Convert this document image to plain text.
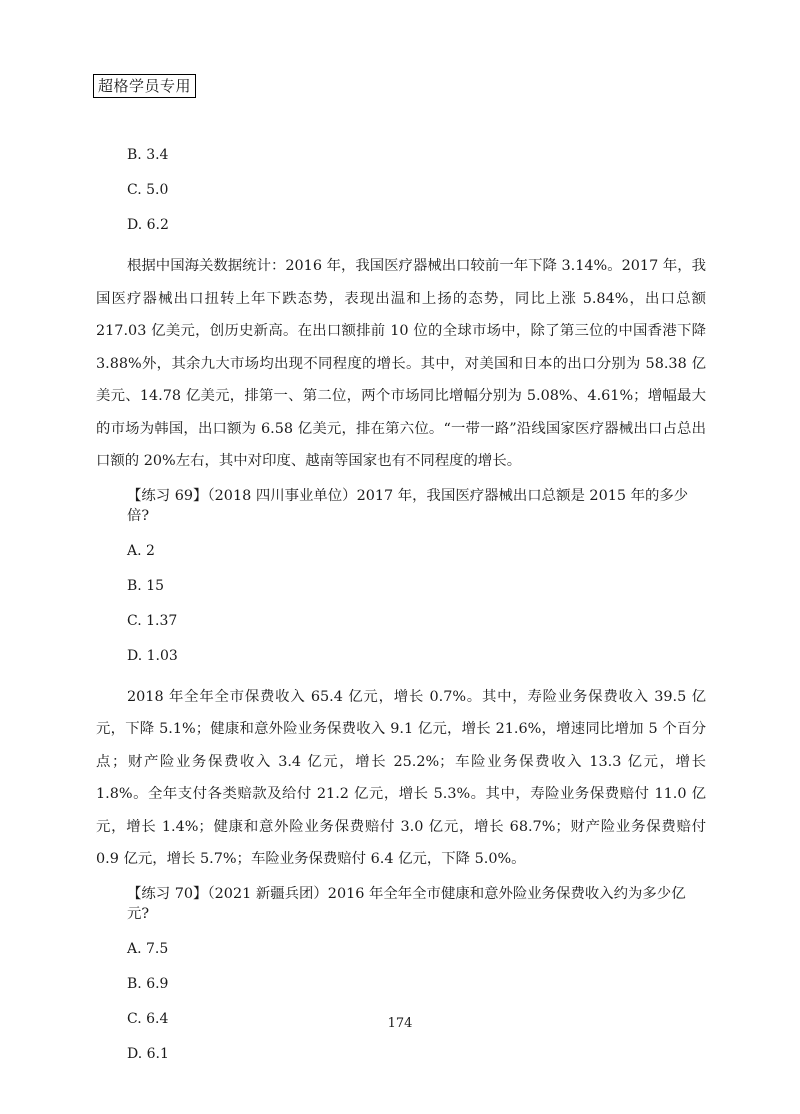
超格学员专用
B. 3.4
C. 5.0
D. 6.2

根据中国海关数据统计：2016 年，我国医疗器械出口较前一年下降 3.14%。2017 年，我国医疗器械出口扭转上年下跌态势，表现出温和上扬的态势，同比上涨 5.84%，出口总额 217.03 亿美元，创历史新高。在出口额排前 10 位的全球市场中，除了第三位的中国香港下降 3.88%外，其余九大市场均出现不同程度的增长。其中，对美国和日本的出口分别为 58.38 亿美元、14.78 亿美元，排第一、第二位，两个市场同比增幅分别为 5.08%、4.61%；增幅最大的市场为韩国，出口额为 6.58 亿美元，排在第六位。“一带一路”沿线国家医疗器械出口占总出口额的 20%左右，其中对印度、越南等国家也有不同程度的增长。

【练习 69】（2018 四川事业单位）2017 年，我国医疗器械出口总额是 2015 年的多少倍?
A. 2
B. 15
C. 1.37
D. 1.03

2018 年全年全市保费收入 65.4 亿元，增长 0.7%。其中，寿险业务保费收入 39.5 亿元，下降 5.1%；健康和意外险业务保费收入 9.1 亿元，增长 21.6%，增速同比增加 5 个百分点；财产险业务保费收入 3.4 亿元，增长 25.2%；车险业务保费收入 13.3 亿元，增长 1.8%。全年支付各类赔款及给付 21.2 亿元，增长 5.3%。其中，寿险业务保费赔付 11.0 亿元，增长 1.4%；健康和意外险业务保费赔付 3.0 亿元，增长 68.7%；财产险业务保费赔付 0.9 亿元，增长 5.7%；车险业务保费赔付 6.4 亿元，下降 5.0%。

【练习 70】（2021 新疆兵团）2016 年全年全市健康和意外险业务保费收入约为多少亿元?
A. 7.5
B. 6.9
C. 6.4
D. 6.1
174
